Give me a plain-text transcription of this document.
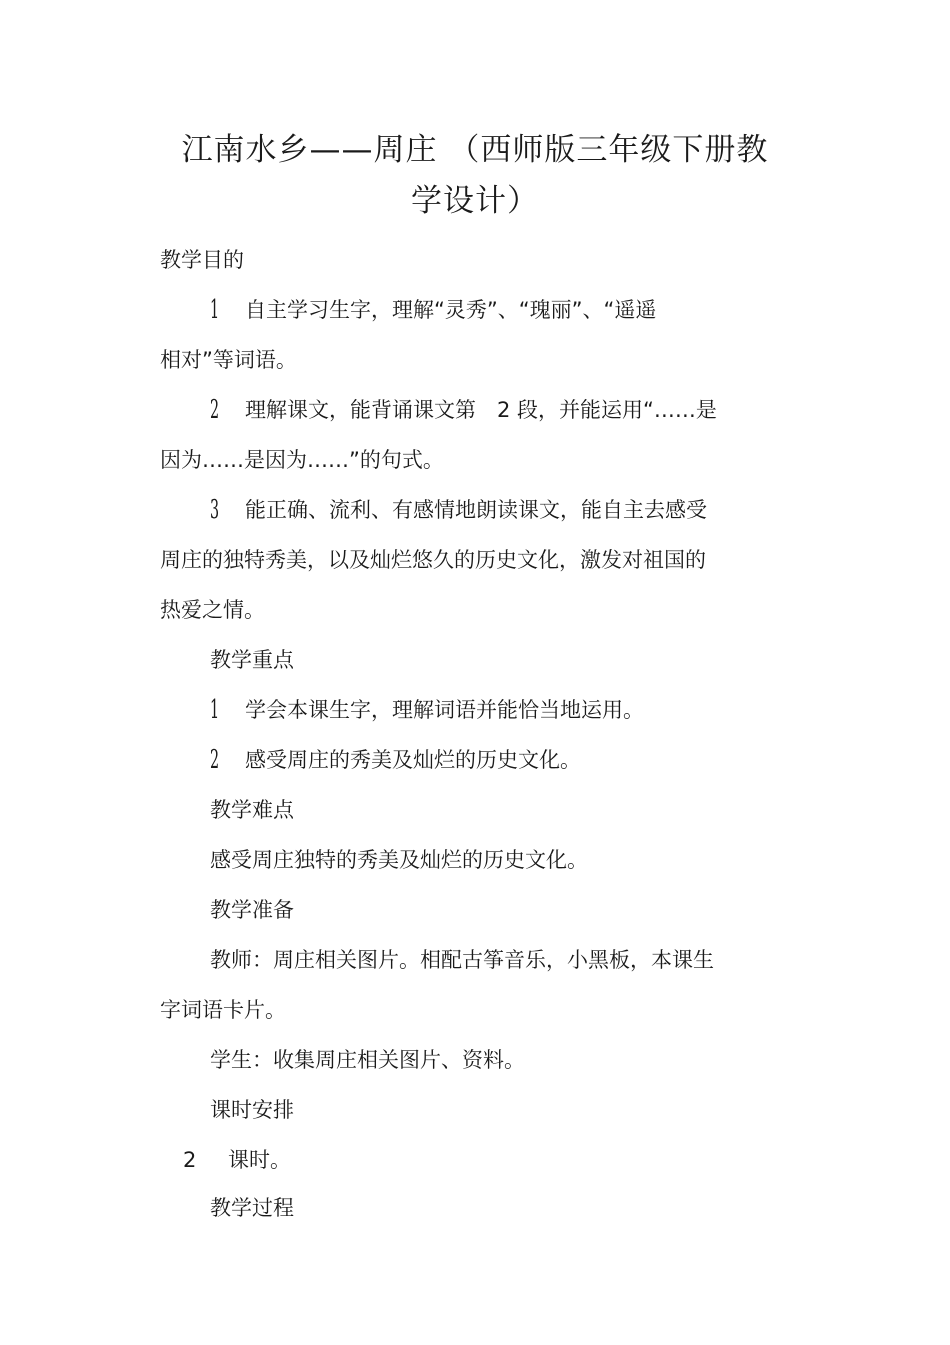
江南水乡——周庄 （西师版三年级下册教
学设计）
教学目的
1 自主学习生字，理解“灵秀”、“瑰丽”、“遥遥
相对”等词语。
2 理解课文，能背诵课文第　2 段，并能运用“……是
因为……是因为……”的句式。
3 能正确、流利、有感情地朗读课文，能自主去感受
周庄的独特秀美，以及灿烂悠久的历史文化，激发对祖国的
热爱之情。
教学重点
1 学会本课生字，理解词语并能恰当地运用。
2 感受周庄的秀美及灿烂的历史文化。
教学难点
感受周庄独特的秀美及灿烂的历史文化。
教学准备
教师：周庄相关图片。相配古筝音乐，小黑板，本课生
字词语卡片。
学生：收集周庄相关图片、资料。
课时安排
2 课时。
教学过程
